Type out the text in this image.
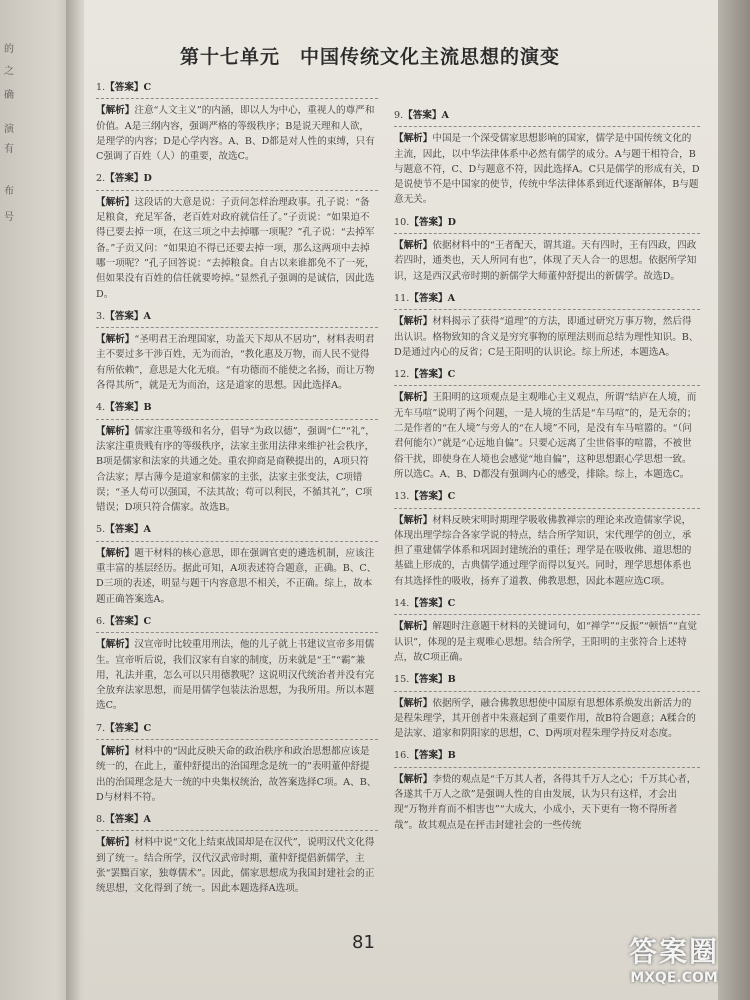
的
之
确
演
有
布
号
第十七单元　中国传统文化主流思想的演变
1.【答案】C
【解析】注意“人文主义”的内涵，即以人为中心，重视人的尊严和价值。A是三纲内容，强调严格的等级秩序；B是说天理和人欲，是理学的内容；D是心学内容。A、B、D都是对人性的束缚，只有C强调了百姓（人）的重要，故选C。
2.【答案】D
【解析】这段话的大意是说：子贡问怎样治理政事。孔子说：“备足粮食，充足军备，老百姓对政府就信任了。”子贡说：“如果迫不得已要去掉一项，在这三项之中去掉哪一项呢？”孔子说：“去掉军备。”子贡又问：“如果迫不得已还要去掉一项，那么这两项中去掉哪一项呢？”孔子回答说：“去掉粮食。自古以来谁都免不了一死，但如果没有百姓的信任就要垮掉。”显然孔子强调的是诚信，因此选D。
3.【答案】A
【解析】“圣明君王治理国家，功盖天下却从不居功”，材料表明君主不要过多干涉百姓，无为而治，“教化惠及万物，而人民不觉得有所依赖”，意思是大化无痕。“有功德而不能使之名扬，而让万物各得其所”，就是无为而治，这是道家的思想。因此选择A。
4.【答案】B
【解析】儒家注重等级和名分，倡导“为政以德”，强调“仁”“礼”，法家注重贵贱有序的等级秩序，法家主张用法律来维护社会秩序，B项是儒家和法家的共通之处。重农抑商是商鞅提出的，A项只符合法家；厚古薄今是道家和儒家的主张，法家主张变法，C项错误；“圣人苟可以强国，不法其故；苟可以利民，不循其礼”，C项错误；D项只符合儒家。故选B。
5.【答案】A
【解析】题干材料的核心意思，即在强调官吏的遴选机制，应该注重丰富的基层经历。据此可知，A项表述符合题意，正确。B、C、D三项的表述，明显与题干内容意思不相关，不正确。综上，故本题正确答案选A。
6.【答案】C
【解析】汉宣帝时比较重用刑法，他的儿子就上书建议宣帝多用儒生。宣帝听后说，我们汉家有自家的制度，历来就是“王”“霸”兼用，礼法并重，怎么可以只用德教呢？这说明汉代统治者并没有完全放弃法家思想，而是用儒学包装法治思想，为我所用。所以本题选C。
7.【答案】C
【解析】材料中的“因此反映天命的政治秩序和政治思想都应该是统一的，在此上，董仲舒提出的治国理念是统一的”表明董仲舒提出的治国理念是大一统的中央集权统治，故答案选择C项。A、B、D与材料不符。
8.【答案】A
【解析】材料中说“文化上结束战国却是在汉代”，说明汉代文化得到了统一。结合所学，汉代汉武帝时期，董仲舒提倡新儒学，主张“罢黜百家，独尊儒术”。因此，儒家思想成为我国封建社会的正统思想，文化得到了统一。因此本题选择A选项。
9.【答案】A
【解析】中国是一个深受儒家思想影响的国家，儒学是中国传统文化的主流，因此，以中华法律体系中必然有儒学的成分。A与题干相符合，B与题意不符，C、D与题意不符，因此选择A。C只是儒学的形成有关，D是说使节不是中国家的使节，传统中华法律体系到近代逐渐解体，B与题意无关。
10.【答案】D
【解析】依据材料中的“王者配天，谓其道。天有四时，王有四政，四政若四时，通类也，天人所同有也”，体现了天人合一的思想。依据所学知识，这是西汉武帝时期的新儒学大师董仲舒提出的新儒学。故选D。
11.【答案】A
【解析】材料揭示了获得“道理”的方法，即通过研究万事万物，然后得出认识。格物致知的含义是穷究事物的原理法则而总结为理性知识。B、D是通过内心的反省；C是王阳明的认识论。综上所述，本题选A。
12.【答案】C
【解析】王阳明的这项观点是主观唯心主义观点，所谓“结庐在人境，而无车马喧”说明了两个问题，一是人境的生活是“车马喧”的，是无奈的；二是作者的“在人境”与旁人的“在人境”不同，是没有车马喧嚣的。“（问君何能尔）”就是“心远地自偏”。只要心远离了尘世俗事的喧嚣，不被世俗干扰，即使身在人境也会感觉“地自偏”，这种思想跟心学思想一致。所以选C。A、B、D都没有强调内心的感受，排除。综上，本题选C。
13.【答案】C
【解析】材料反映宋明时期理学吸收佛教禅宗的理论来改造儒家学说，体现出理学综合各家学说的特点，结合所学知识，宋代理学的创立，承担了重建儒学体系和巩固封建统治的重任；理学是在吸收佛、道思想的基础上形成的，古典儒学通过理学而得以复兴。同时，理学思想体系也有其选择性的吸收，扬弃了道教、佛教思想，因此本题应选C项。
14.【答案】C
【解析】解题时注意题干材料的关键词句，如“禅学”“反振”“顿悟”“直觉认识”，体现的是主观唯心思想。结合所学，王阳明的主张符合上述特点，故C项正确。
15.【答案】B
【解析】依据所学，融合佛教思想使中国原有思想体系焕发出新活力的是程朱理学，其开创者中朱熹起到了重要作用，故B符合题意；A糅合的是法家、道家和阴阳家的思想，C、D两项对程朱理学持反对态度。
16.【答案】B
【解析】李贽的观点是“千万其人者，各得其千万人之心；千万其心者，各遂其千万人之欲”是强调人性的自由发展，认为只有这样，才会出现“万物并育而不相害也”“大成大，小成小，天下更有一物不得所者哉”。故其观点是在抨击封建社会的一些传统
81	答案圈
MXQE.COM
